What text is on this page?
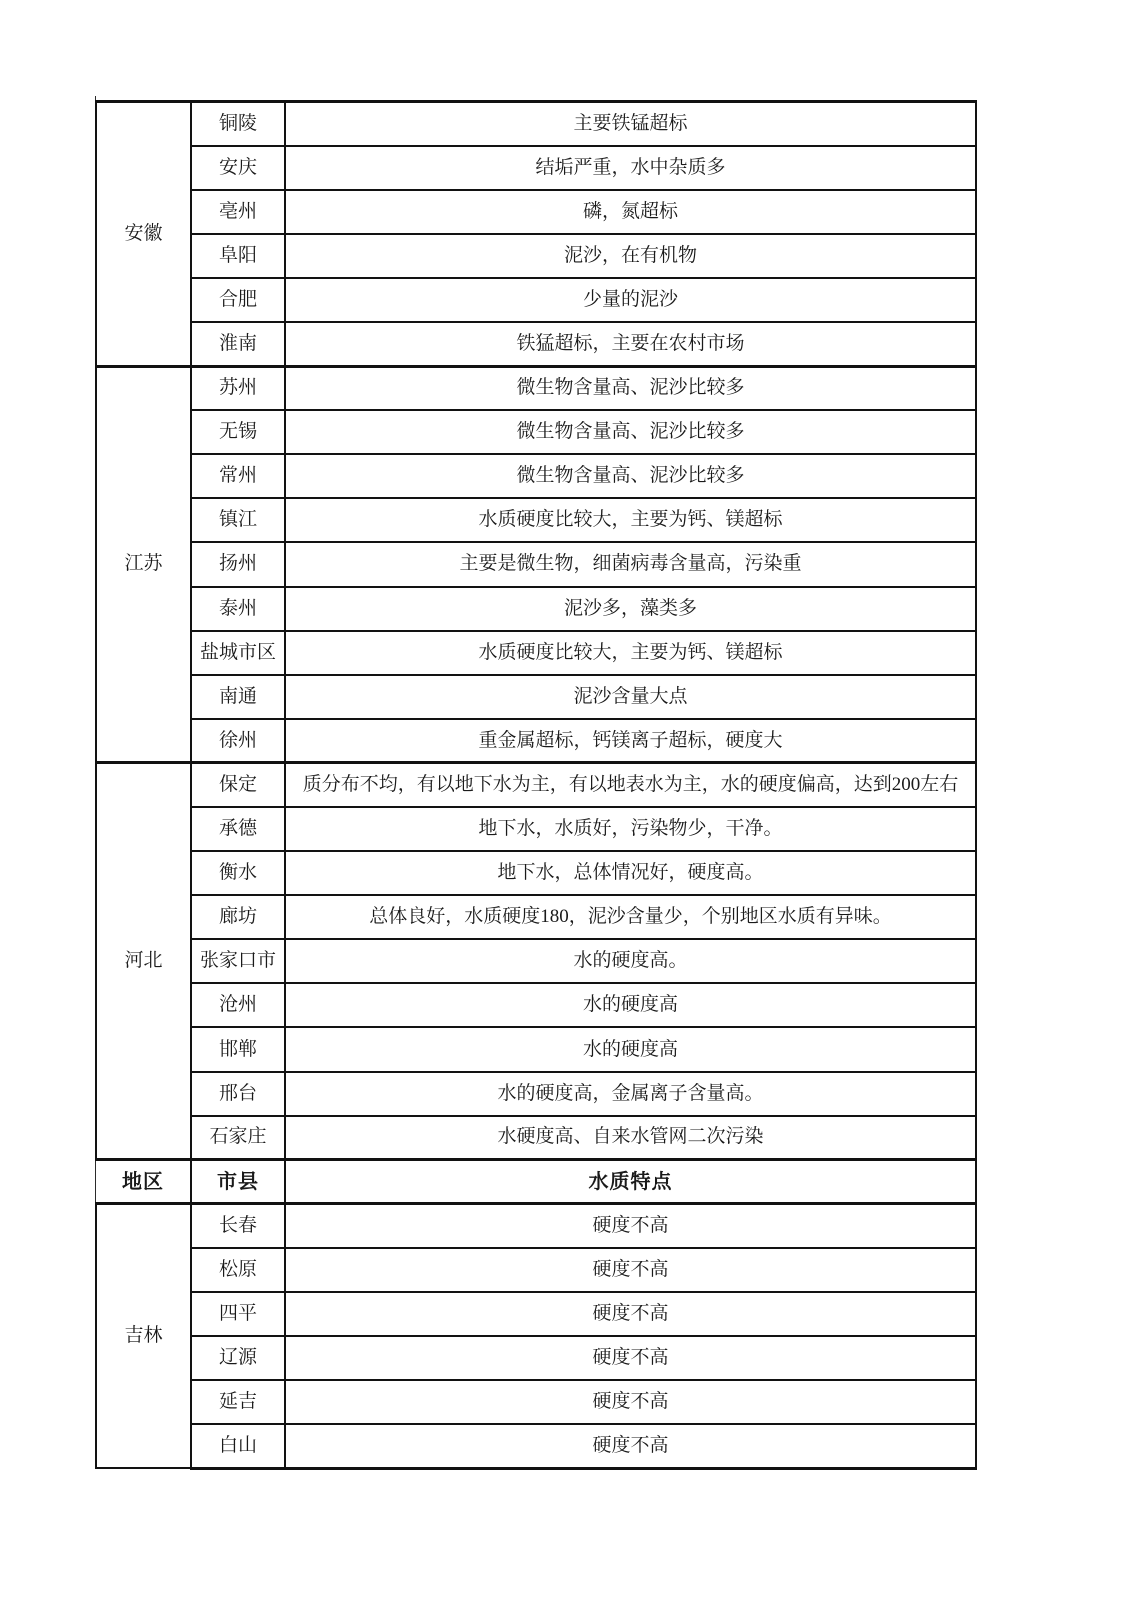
安徽	铜陵	主要铁锰超标
	安庆	结垢严重，水中杂质多
	亳州	磷，氮超标
	阜阳	泥沙，在有机物
	合肥	少量的泥沙
	淮南	铁猛超标，主要在农村市场
江苏	苏州	微生物含量高、泥沙比较多
	无锡	微生物含量高、泥沙比较多
	常州	微生物含量高、泥沙比较多
	镇江	水质硬度比较大，主要为钙、镁超标
	扬州	主要是微生物，细菌病毒含量高，污染重
	泰州	泥沙多，藻类多
	盐城市区	水质硬度比较大，主要为钙、镁超标
	南通	泥沙含量大点
	徐州	重金属超标，钙镁离子超标，硬度大
河北	保定	质分布不均，有以地下水为主，有以地表水为主，水的硬度偏高，达到200左右
	承德	地下水，水质好，污染物少，干净。
	衡水	地下水，总体情况好，硬度高。
	廊坊	总体良好，水质硬度180，泥沙含量少，个别地区水质有异味。
	张家口市	水的硬度高。
	沧州	水的硬度高
	邯郸	水的硬度高
	邢台	水的硬度高，金属离子含量高。
	石家庄	水硬度高、自来水管网二次污染
地区	市县	水质特点
吉林	长春	硬度不高
	松原	硬度不高
	四平	硬度不高
	辽源	硬度不高
	延吉	硬度不高
	白山	硬度不高
